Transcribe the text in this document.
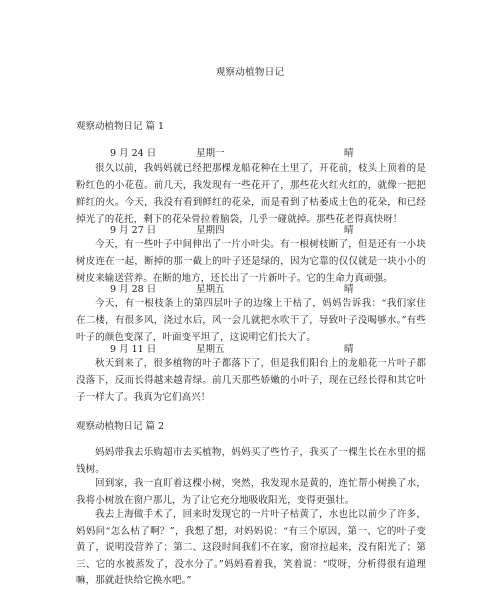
观察动植物日记
观察动植物日记 篇 1
9 月 24 日	星期一	晴
很久以前，我妈妈就已经把那棵龙船花种在土里了，开花前，枝头上顶着的是粉红色的小花苞。前几天，我发现有一些花开了，那些花火红火红的，就像一把把鲜红的火。今天，我没有看到鲜红的花朵，而是看到了枯萎成土色的花朵，和已经掉光了的花托，剩下的花朵骨拉着脑袋，几乎一碰就掉。那些花老得真快呀！
9 月 27 日	星期四	晴
今天，有一些叶子中间伸出了一片小叶尖。有一根树枝断了，但是还有一小块树皮连在一起，断掉的那一截上的叶子还是绿的，因为它靠的仅仅就是一块小小的树皮来输送营养。在断的地方，还长出了一片新叶子。它的生命力真顽强。
9 月 28 日	星期五	晴
今天，有一根枝条上的第四层叶子的边缘上干枯了，妈妈告诉我：“我们家住在二楼，有很多风，浇过水后，风一会儿就把水吹干了，导致叶子没喝够水。”有些叶子的颜色变深了，叶面变平坦了，这说明它们长大了。
9 月 11 日	星期五	晴
秋天到来了，很多植物的叶子都落下了，但是我们阳台上的龙船花一片叶子都没落下，反而长得越来越青绿。前几天那些娇嫩的小叶子，现在已经长得和其它叶子一样大了。我真为它们高兴！
观察动植物日记 篇 2
妈妈带我去乐购超市去买植物，妈妈买了些竹子，我买了一棵生长在水里的摇钱树。
回到家，我一直盯着这棵小树，突然，我发现水是黄的，连忙帮小树换了水，我将小树放在窗户那儿，为了让它充分地吸收阳光，变得更强壮。
我去上海做手术了，回来时发现它的一片叶子枯黄了，水也比以前少了许多，妈妈问“怎么枯了啊？”，我想了想，对妈妈说：“有三个原因，第一、它的叶子变黄了，说明没营养了；第二、这段时间我们不在家，窗帘拉起来，没有阳光了；第三、它的水被蒸发了，没水分了。”妈妈看着我，笑着说：“哎呀，分析得很有道理嘛，那就赶快给它换水吧。”
